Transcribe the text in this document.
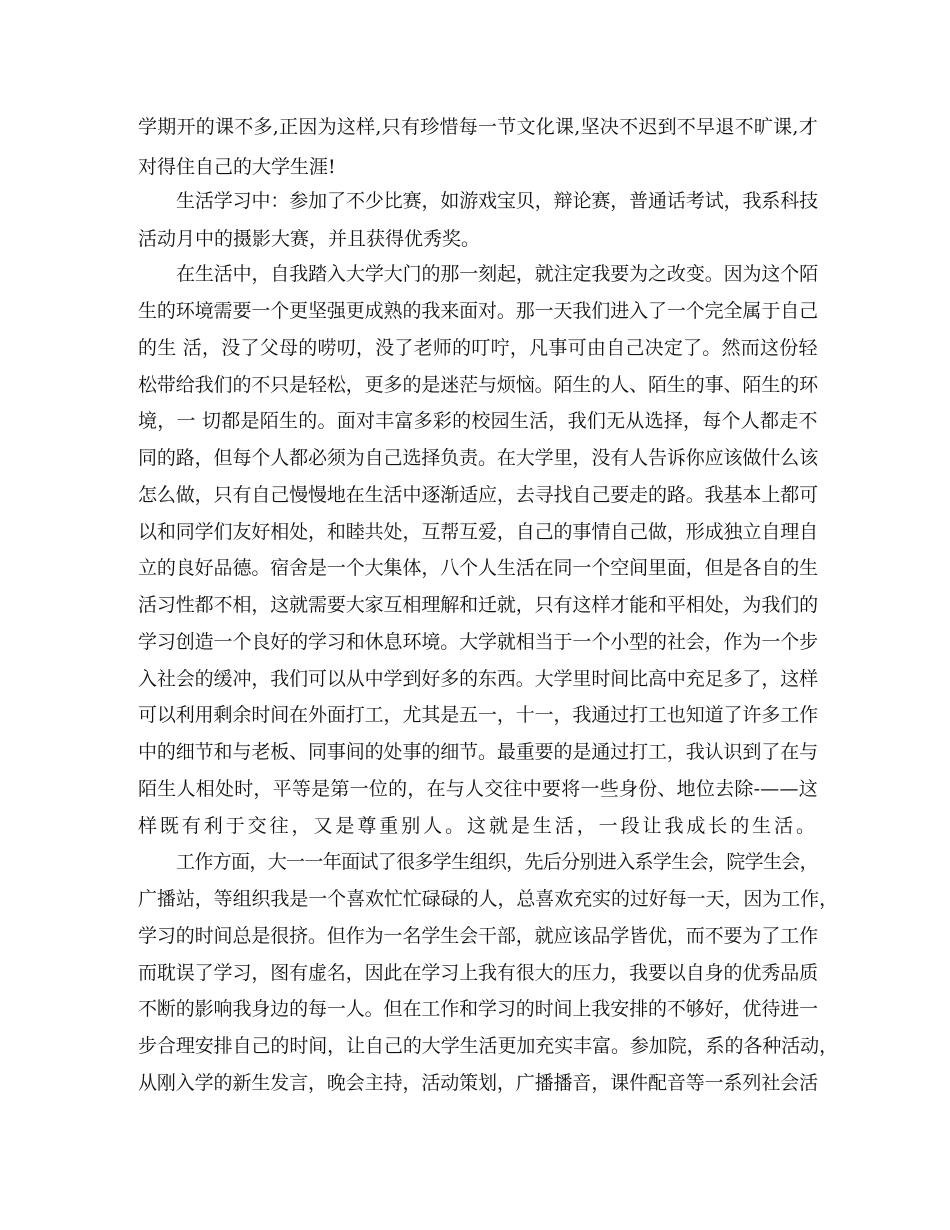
学期开的课不多,正因为这样,只有珍惜每一节文化课,坚决不迟到不早退不旷课,才

对得住自己的大学生涯!

生活学习中：参加了不少比赛，如游戏宝贝，辩论赛，普通话考试，我系科技

活动月中的摄影大赛，并且获得优秀奖。

在生活中，自我踏入大学大门的那一刻起，就注定我要为之改变。因为这个陌

生的环境需要一个更坚强更成熟的我来面对。那一天我们进入了一个完全属于自己

的生 活，没了父母的唠叨，没了老师的叮咛，凡事可由自己决定了。然而这份轻

松带给我们的不只是轻松，更多的是迷茫与烦恼。陌生的人、陌生的事、陌生的环

境，一 切都是陌生的。面对丰富多彩的校园生活，我们无从选择，每个人都走不

同的路，但每个人都必须为自己选择负责。在大学里，没有人告诉你应该做什么该

怎么做，只有自己慢慢地在生活中逐渐适应，去寻找自己要走的路。我基本上都可

以和同学们友好相处，和睦共处，互帮互爱，自己的事情自己做，形成独立自理自

立的良好品德。宿舍是一个大集体，八个人生活在同一个空间里面，但是各自的生

活习性都不相，这就需要大家互相理解和迁就，只有这样才能和平相处，为我们的

学习创造一个良好的学习和休息环境。大学就相当于一个小型的社会，作为一个步

入社会的缓冲，我们可以从中学到好多的东西。大学里时间比高中充足多了，这样

可以利用剩余时间在外面打工，尤其是五一，十一，我通过打工也知道了许多工作

中的细节和与老板、同事间的处事的细节。最重要的是通过打工，我认识到了在与

陌生人相处时，平等是第一位的，在与人交往中要将一些身份、地位去除-——这

样既有利于交往，又是尊重别人。这就是生活，一段让我成长的生活。

工作方面，大一一年面试了很多学生组织，先后分别进入系学生会，院学生会，

广播站，等组织我是一个喜欢忙忙碌碌的人，总喜欢充实的过好每一天，因为工作，

学习的时间总是很挤。但作为一名学生会干部，就应该品学皆优，而不要为了工作

而耽误了学习，图有虚名，因此在学习上我有很大的压力，我要以自身的优秀品质

不断的影响我身边的每一人。但在工作和学习的时间上我安排的不够好，优待进一

步合理安排自己的时间，让自己的大学生活更加充实丰富。参加院，系的各种活动，

从刚入学的新生发言，晚会主持，活动策划，广播播音，课件配音等一系列社会活
